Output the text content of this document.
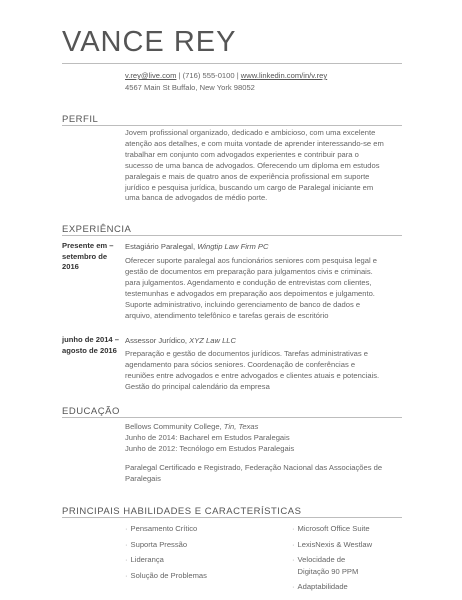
VANCE REY
v.rey@live.com | (716) 555-0100 | www.linkedin.com/in/v.rey
4567 Main St Buffalo, New York 98052
PERFIL
Jovem profissional organizado, dedicado e ambicioso, com uma excelente atenção aos detalhes, e com muita vontade de aprender interessando-se em trabalhar em conjunto com advogados experientes e contribuir para o sucesso de uma banca de advogados. Oferecendo um diploma em estudos paralegais e mais de quatro anos de experiência profissional em suporte jurídico e pesquisa jurídica, buscando um cargo de Paralegal iniciante em uma banca de advogados de médio porte.
EXPERIÊNCIA
Presente em – setembro de 2016
Estagiário Paralegal, Wingtip Law Firm PC
Oferecer suporte paralegal aos funcionários seniores com pesquisa legal e gestão de documentos em preparação para julgamentos civis e criminais. para julgamentos. Agendamento e condução de entrevistas com clientes, testemunhas e advogados em preparação aos depoimentos e julgamento. Suporte administrativo, incluindo gerenciamento de banco de dados e arquivo, atendimento telefônico e tarefas gerais de escritório
junho de 2014 – agosto de 2016
Assessor Jurídico, XYZ Law LLC
Preparação e gestão de documentos jurídicos. Tarefas administrativas e agendamento para sócios seniores. Coordenação de conferências e reuniões entre advogados e entre advogados e clientes atuais e potenciais. Gestão do principal calendário da empresa
EDUCAÇÃO
Bellows Community College, Tin, Texas
Junho de 2014: Bacharel em Estudos Paralegais
Junho de 2012: Tecnólogo em Estudos Paralegais
Paralegal Certificado e Registrado, Federação Nacional das Associações de Paralegais
PRINCIPAIS HABILIDADES E CARACTERÍSTICAS
· Pensamento Crítico
· Suporta Pressão
· Liderança
· Solução de Problemas
· Microsoft Office Suite
· LexisNexis & Westlaw
· Velocidade de Digitação 90 PPM
· Adaptabilidade
